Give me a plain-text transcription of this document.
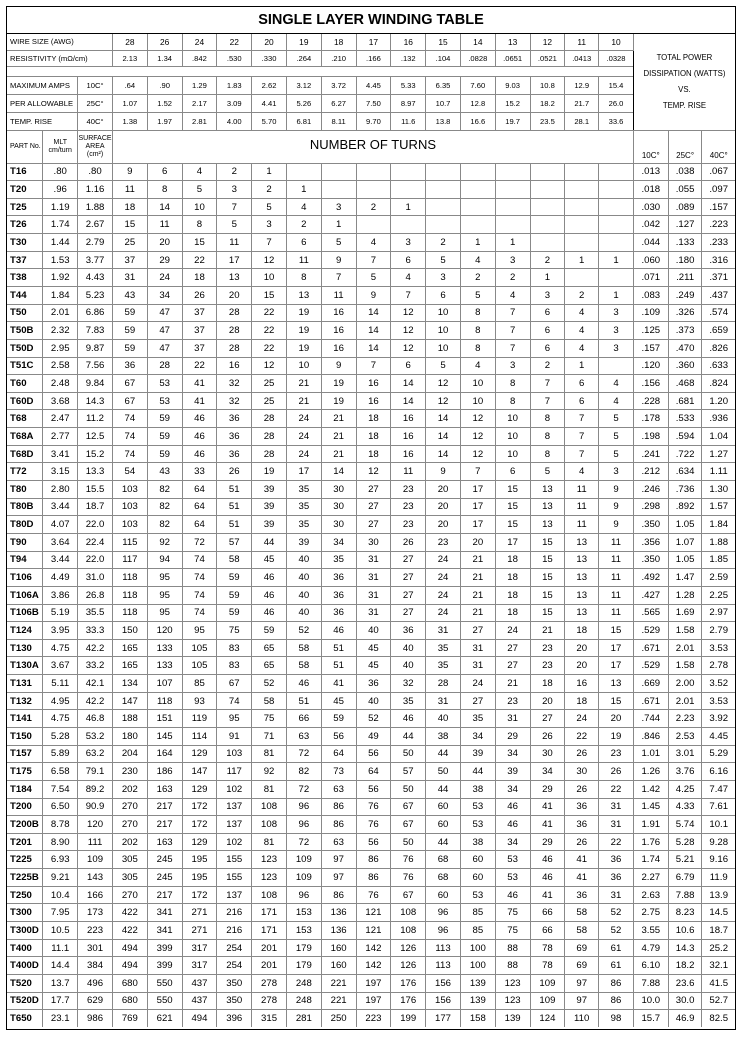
SINGLE LAYER WINDING TABLE
WIRE SIZE (AWG)			28	26	24	22	20	19	18	17	16	15	14	13	12	11	10	TOTAL POWER
DISSIPATION (WATTS)
VS.
TEMP. RISE		

RESISTIVITY (mΩ/cm)			2.13	1.34	.842	.530	.330	.264	.210	.166	.132	.104	.0828	.0651	.0521	.0413	.0328			

MAXIMUM AMPS		10C°	.64	.90	1.29	1.83	2.62	3.12	3.72	4.45	5.33	6.35	7.60	9.03	10.8	12.9	15.4			
PER ALLOWABLE		25C°	1.07	1.52	2.17	3.09	4.41	5.26	6.27	7.50	8.97	10.7	12.8	15.2	18.2	21.7	26.0			
TEMP. RISE		40C°	1.38	1.97	2.81	4.00	5.70	6.81	8.11	9.70	11.6	13.8	16.6	19.7	23.5	28.1	33.6			
PART No.	MLT cm/turn	SURFACE AREA (cm²)	NUMBER OF TURNS															10C°	25C°	40C°
T16	.80	.80	9	6	4	2	1											.013	.038	.067
T20	.96	1.16	11	8	5	3	2	1										.018	.055	.097
T25	1.19	1.88	18	14	10	7	5	4	3	2	1							.030	.089	.157
T26	1.74	2.67	15	11	8	5	3	2	1									.042	.127	.223
T30	1.44	2.79	25	20	15	11	7	6	5	4	3	2	1	1				.044	.133	.233
T37	1.53	3.77	37	29	22	17	12	11	9	7	6	5	4	3	2	1	1	.060	.180	.316
T38	1.92	4.43	31	24	18	13	10	8	7	5	4	3	2	2	1			.071	.211	.371
T44	1.84	5.23	43	34	26	20	15	13	11	9	7	6	5	4	3	2	1	.083	.249	.437
T50	2.01	6.86	59	47	37	28	22	19	16	14	12	10	8	7	6	4	3	.109	.326	.574
T50B	2.32	7.83	59	47	37	28	22	19	16	14	12	10	8	7	6	4	3	.125	.373	.659
T50D	2.95	9.87	59	47	37	28	22	19	16	14	12	10	8	7	6	4	3	.157	.470	.826
T51C	2.58	7.56	36	28	22	16	12	10	9	7	6	5	4	3	2	1		.120	.360	.633
T60	2.48	9.84	67	53	41	32	25	21	19	16	14	12	10	8	7	6	4	.156	.468	.824
T60D	3.68	14.3	67	53	41	32	25	21	19	16	14	12	10	8	7	6	4	.228	.681	1.20
T68	2.47	11.2	74	59	46	36	28	24	21	18	16	14	12	10	8	7	5	.178	.533	.936
T68A	2.77	12.5	74	59	46	36	28	24	21	18	16	14	12	10	8	7	5	.198	.594	1.04
T68D	3.41	15.2	74	59	46	36	28	24	21	18	16	14	12	10	8	7	5	.241	.722	1.27
T72	3.15	13.3	54	43	33	26	19	17	14	12	11	9	7	6	5	4	3	.212	.634	1.11
T80	2.80	15.5	103	82	64	51	39	35	30	27	23	20	17	15	13	11	9	.246	.736	1.30
T80B	3.44	18.7	103	82	64	51	39	35	30	27	23	20	17	15	13	11	9	.298	.892	1.57
T80D	4.07	22.0	103	82	64	51	39	35	30	27	23	20	17	15	13	11	9	.350	1.05	1.84
T90	3.64	22.4	115	92	72	57	44	39	34	30	26	23	20	17	15	13	11	.356	1.07	1.88
T94	3.44	22.0	117	94	74	58	45	40	35	31	27	24	21	18	15	13	11	.350	1.05	1.85
T106	4.49	31.0	118	95	74	59	46	40	36	31	27	24	21	18	15	13	11	.492	1.47	2.59
T106A	3.86	26.8	118	95	74	59	46	40	36	31	27	24	21	18	15	13	11	.427	1.28	2.25
T106B	5.19	35.5	118	95	74	59	46	40	36	31	27	24	21	18	15	13	11	.565	1.69	2.97
T124	3.95	33.3	150	120	95	75	59	52	46	40	36	31	27	24	21	18	15	.529	1.58	2.79
T130	4.75	42.2	165	133	105	83	65	58	51	45	40	35	31	27	23	20	17	.671	2.01	3.53
T130A	3.67	33.2	165	133	105	83	65	58	51	45	40	35	31	27	23	20	17	.529	1.58	2.78
T131	5.11	42.1	134	107	85	67	52	46	41	36	32	28	24	21	18	16	13	.669	2.00	3.52
T132	4.95	42.2	147	118	93	74	58	51	45	40	35	31	27	23	20	18	15	.671	2.01	3.53
T141	4.75	46.8	188	151	119	95	75	66	59	52	46	40	35	31	27	24	20	.744	2.23	3.92
T150	5.28	53.2	180	145	114	91	71	63	56	49	44	38	34	29	26	22	19	.846	2.53	4.45
T157	5.89	63.2	204	164	129	103	81	72	64	56	50	44	39	34	30	26	23	1.01	3.01	5.29
T175	6.58	79.1	230	186	147	117	92	82	73	64	57	50	44	39	34	30	26	1.26	3.76	6.16
T184	7.54	89.2	202	163	129	102	81	72	63	56	50	44	38	34	29	26	22	1.42	4.25	7.47
T200	6.50	90.9	270	217	172	137	108	96	86	76	67	60	53	46	41	36	31	1.45	4.33	7.61
T200B	8.78	120	270	217	172	137	108	96	86	76	67	60	53	46	41	36	31	1.91	5.74	10.1
T201	8.90	111	202	163	129	102	81	72	63	56	50	44	38	34	29	26	22	1.76	5.28	9.28
T225	6.93	109	305	245	195	155	123	109	97	86	76	68	60	53	46	41	36	1.74	5.21	9.16
T225B	9.21	143	305	245	195	155	123	109	97	86	76	68	60	53	46	41	36	2.27	6.79	11.9
T250	10.4	166	270	217	172	137	108	96	86	76	67	60	53	46	41	36	31	2.63	7.88	13.9
T300	7.95	173	422	341	271	216	171	153	136	121	108	96	85	75	66	58	52	2.75	8.23	14.5
T300D	10.5	223	422	341	271	216	171	153	136	121	108	96	85	75	66	58	52	3.55	10.6	18.7
T400	11.1	301	494	399	317	254	201	179	160	142	126	113	100	88	78	69	61	4.79	14.3	25.2
T400D	14.4	384	494	399	317	254	201	179	160	142	126	113	100	88	78	69	61	6.10	18.2	32.1
T520	13.7	496	680	550	437	350	278	248	221	197	176	156	139	123	109	97	86	7.88	23.6	41.5
T520D	17.7	629	680	550	437	350	278	248	221	197	176	156	139	123	109	97	86	10.0	30.0	52.7
T650	23.1	986	769	621	494	396	315	281	250	223	199	177	158	139	124	110	98	15.7	46.9	82.5
